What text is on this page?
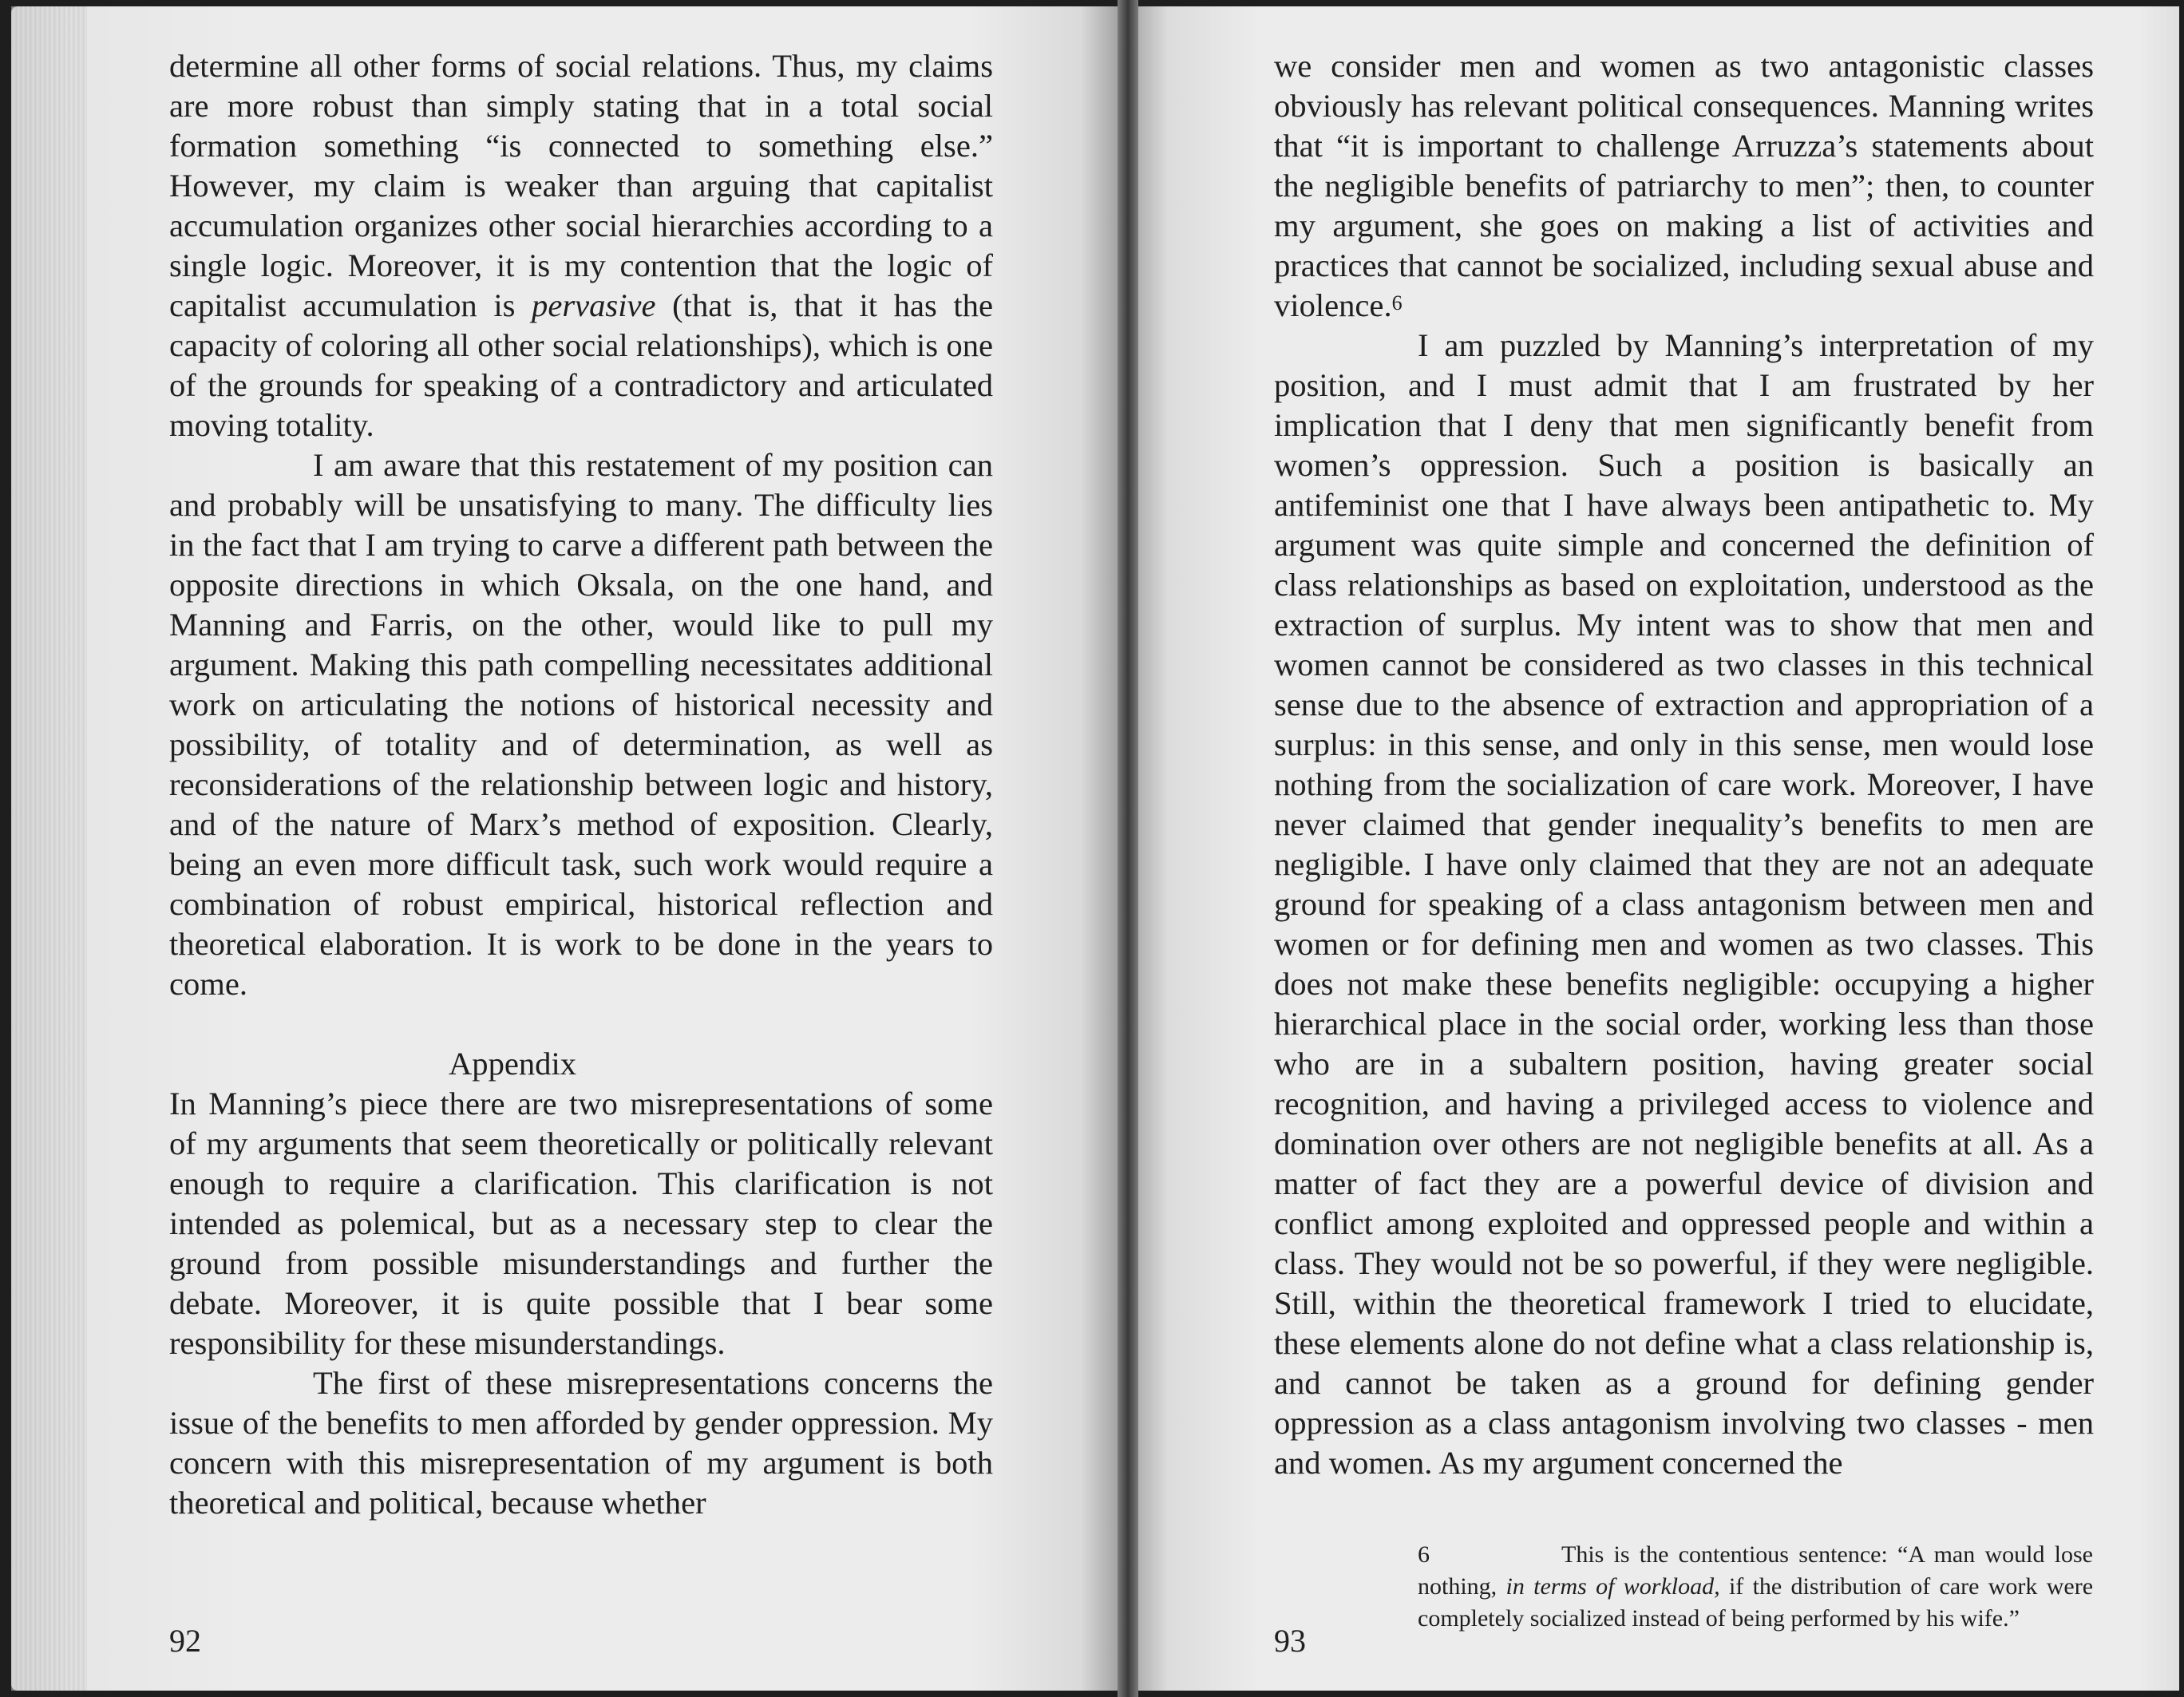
determine all other forms of social relations. Thus, my claims are more robust than simply stating that in a total social formation something “is connected to something else.” However, my claim is weaker than arguing that capitalist accumulation organizes other social hierarchies according to a single logic. Moreover, it is my contention that the logic of capitalist accumulation is pervasive (that is, that it has the capacity of coloring all other social relationships), which is one of the grounds for speaking of a contradictory and articulated moving totality.

I am aware that this restatement of my position can and probably will be unsatisfying to many. The difficulty lies in the fact that I am trying to carve a different path between the opposite directions in which Oksala, on the one hand, and Manning and Farris, on the other, would like to pull my argument. Making this path compelling necessitates additional work on articulating the notions of historical necessity and possibility, of totality and of determination, as well as reconsiderations of the relationship between logic and history, and of the nature of Marx’s method of exposition. Clearly, being an even more difficult task, such work would require a combination of robust empirical, historical reflection and theoretical elaboration. It is work to be done in the years to come.

Appendix

In Manning’s piece there are two misrepresentations of some of my arguments that seem theoretically or politically relevant enough to require a clarification. This clarification is not intended as polemical, but as a necessary step to clear the ground from possible misunderstandings and further the debate. Moreover, it is quite possible that I bear some responsibility for these misunderstandings.

The first of these misrepresentations concerns the issue of the benefits to men afforded by gender oppression. My concern with this misrepresentation of my argument is both theoretical and political, because whether

92

we consider men and women as two antagonistic classes obviously has relevant political consequences. Manning writes that “it is important to challenge Arruzza’s statements about the negligible benefits of patriarchy to men”; then, to counter my argument, she goes on making a list of activities and practices that cannot be socialized, including sexual abuse and violence.$^6$

I am puzzled by Manning’s interpretation of my position, and I must admit that I am frustrated by her implication that I deny that men significantly benefit from women’s oppression. Such a position is basically an antifeminist one that I have always been antipathetic to. My argument was quite simple and concerned the definition of class relationships as based on exploitation, understood as the extraction of surplus. My intent was to show that men and women cannot be considered as two classes in this technical sense due to the absence of extraction and appropriation of a surplus: in this sense, and only in this sense, men would lose nothing from the socialization of care work. Moreover, I have never claimed that gender inequality’s benefits to men are negligible. I have only claimed that they are not an adequate ground for speaking of a class antagonism between men and women or for defining men and women as two classes. This does not make these benefits negligible: occupying a higher hierarchical place in the social order, working less than those who are in a subaltern position, having greater social recognition, and having a privileged access to violence and domination over others are not negligible benefits at all. As a matter of fact they are a powerful device of division and conflict among exploited and oppressed people and within a class. They would not be so powerful, if they were negligible. Still, within the theoretical framework I tried to elucidate, these elements alone do not define what a class relationship is, and cannot be taken as a ground for defining gender oppression as a class antagonism involving two classes - men and women. As my argument concerned the

93
6	This is the contentious sentence: “A man would lose nothing, in terms of workload, if the distribution of care work were completely socialized instead of being performed by his wife.”
